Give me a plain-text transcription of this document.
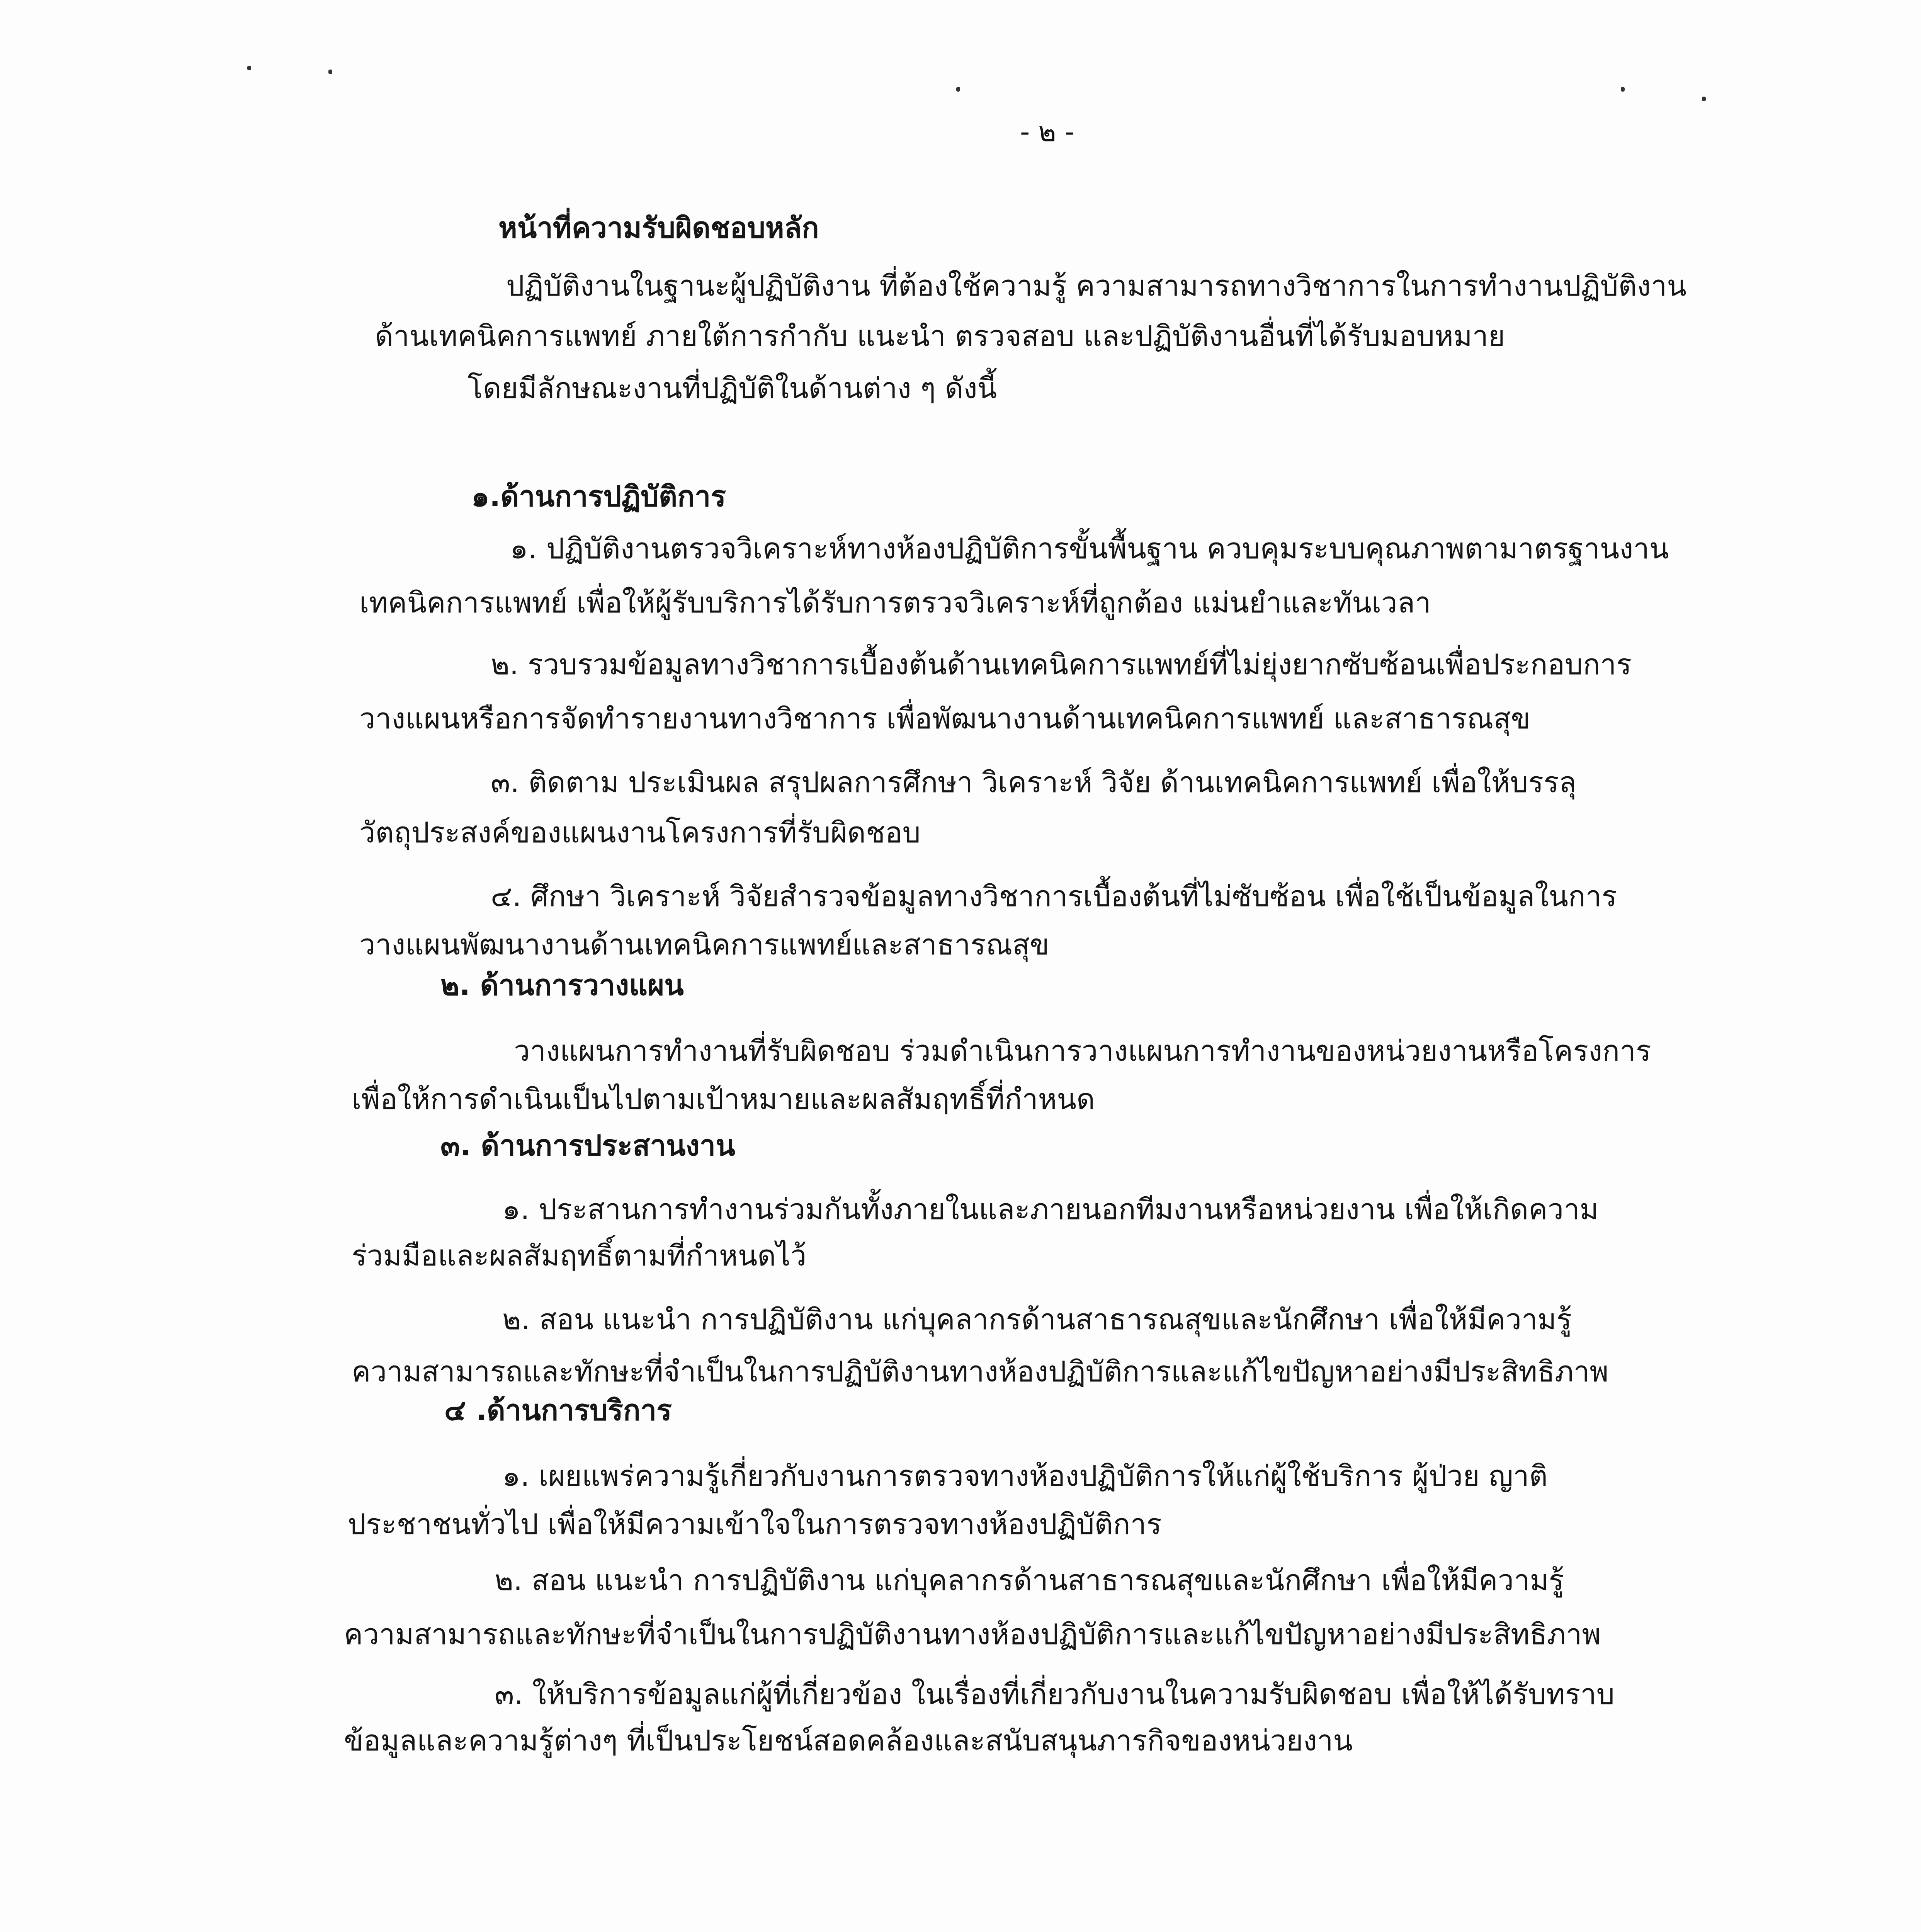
- ๒ -
หน้าที่ความรับผิดชอบหลัก
ปฏิบัติงานในฐานะผู้ปฏิบัติงาน ที่ต้องใช้ความรู้ ความสามารถทางวิชาการในการทำงานปฏิบัติงาน
ด้านเทคนิคการแพทย์ ภายใต้การกำกับ แนะนำ ตรวจสอบ และปฏิบัติงานอื่นที่ได้รับมอบหมาย
โดยมีลักษณะงานที่ปฏิบัติในด้านต่าง ๆ ดังนี้
๑.ด้านการปฏิบัติการ
๑. ปฏิบัติงานตรวจวิเคราะห์ทางห้องปฏิบัติการขั้นพื้นฐาน ควบคุมระบบคุณภาพตามาตรฐานงาน
เทคนิคการแพทย์ เพื่อให้ผู้รับบริการได้รับการตรวจวิเคราะห์ที่ถูกต้อง แม่นยำและทันเวลา
๒. รวบรวมข้อมูลทางวิชาการเบื้องต้นด้านเทคนิคการแพทย์ที่ไม่ยุ่งยากซับซ้อนเพื่อประกอบการ
วางแผนหรือการจัดทำรายงานทางวิชาการ เพื่อพัฒนางานด้านเทคนิคการแพทย์ และสาธารณสุข
๓. ติดตาม ประเมินผล สรุปผลการศึกษา วิเคราะห์ วิจัย ด้านเทคนิคการแพทย์ เพื่อให้บรรลุ
วัตถุประสงค์ของแผนงานโครงการที่รับผิดชอบ
๔. ศึกษา วิเคราะห์ วิจัยสำรวจข้อมูลทางวิชาการเบื้องต้นที่ไม่ซับซ้อน เพื่อใช้เป็นข้อมูลในการ
วางแผนพัฒนางานด้านเทคนิคการแพทย์และสาธารณสุข
๒. ด้านการวางแผน
วางแผนการทำงานที่รับผิดชอบ ร่วมดำเนินการวางแผนการทำงานของหน่วยงานหรือโครงการ
เพื่อให้การดำเนินเป็นไปตามเป้าหมายและผลสัมฤทธิ์ที่กำหนด
๓. ด้านการประสานงาน
๑. ประสานการทำงานร่วมกันทั้งภายในและภายนอกทีมงานหรือหน่วยงาน เพื่อให้เกิดความ
ร่วมมือและผลสัมฤทธิ์ตามที่กำหนดไว้
๒. สอน แนะนำ การปฏิบัติงาน แก่บุคลากรด้านสาธารณสุขและนักศึกษา เพื่อให้มีความรู้
ความสามารถและทักษะที่จำเป็นในการปฏิบัติงานทางห้องปฏิบัติการและแก้ไขปัญหาอย่างมีประสิทธิภาพ
๔ .ด้านการบริการ
๑. เผยแพร่ความรู้เกี่ยวกับงานการตรวจทางห้องปฏิบัติการให้แก่ผู้ใช้บริการ ผู้ป่วย ญาติ
ประชาชนทั่วไป เพื่อให้มีความเข้าใจในการตรวจทางห้องปฏิบัติการ
๒. สอน แนะนำ การปฏิบัติงาน แก่บุคลากรด้านสาธารณสุขและนักศึกษา เพื่อให้มีความรู้
ความสามารถและทักษะที่จำเป็นในการปฏิบัติงานทางห้องปฏิบัติการและแก้ไขปัญหาอย่างมีประสิทธิภาพ
๓. ให้บริการข้อมูลแก่ผู้ที่เกี่ยวข้อง ในเรื่องที่เกี่ยวกับงานในความรับผิดชอบ เพื่อให้ได้รับทราบ
ข้อมูลและความรู้ต่างๆ ที่เป็นประโยชน์สอดคล้องและสนับสนุนภารกิจของหน่วยงาน
